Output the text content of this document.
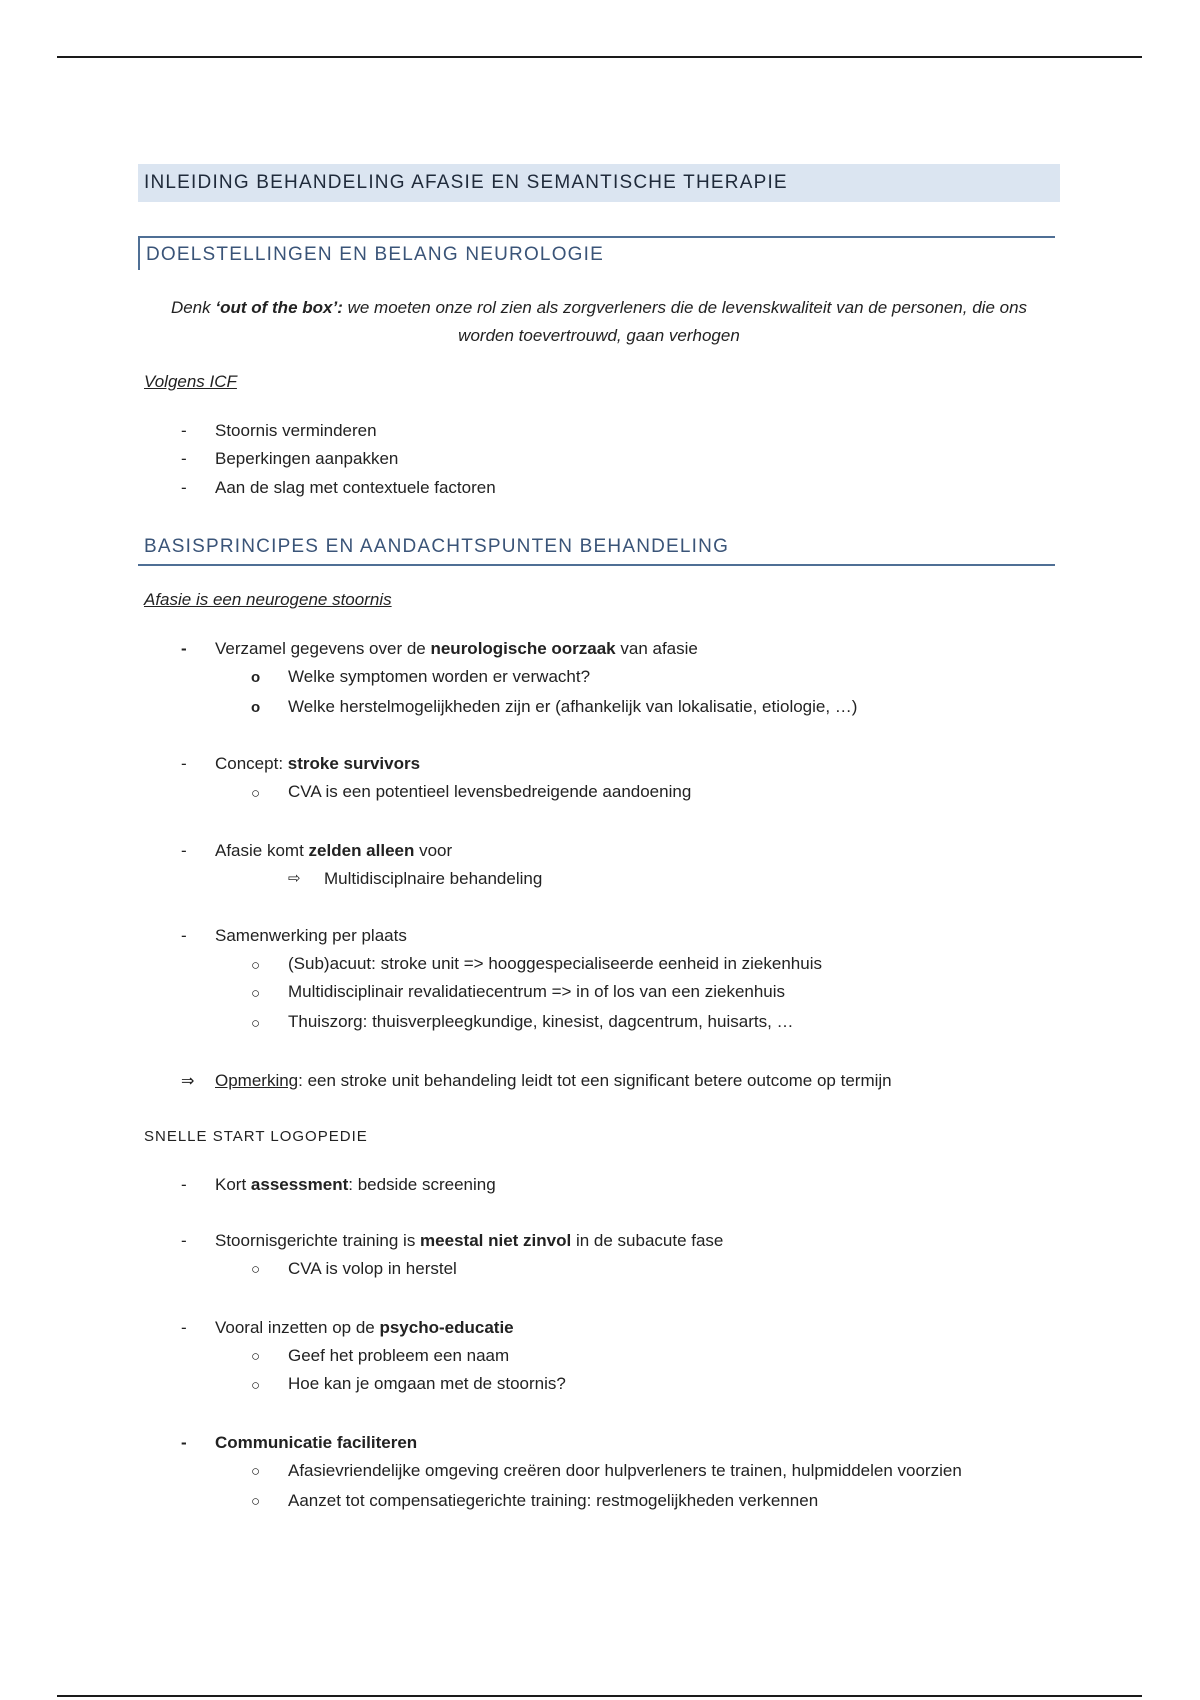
INLEIDING BEHANDELING AFASIE EN SEMANTISCHE THERAPIE
DOELSTELLINGEN EN BELANG NEUROLOGIE
Denk ‘out of the box’: we moeten onze rol zien als zorgverleners die de levenskwaliteit van de personen, die ons
worden toevertrouwd, gaan verhogen
Volgens ICF
- Stoornis verminderen
- Beperkingen aanpakken
- Aan de slag met contextuele factoren
BASISPRINCIPES EN AANDACHTSPUNTEN BEHANDELING
Afasie is een neurogene stoornis
- Verzamel gegevens over de neurologische oorzaak van afasie
o Welke symptomen worden er verwacht?
o Welke herstelmogelijkheden zijn er (afhankelijk van lokalisatie, etiologie, …)
- Concept: stroke survivors
○ CVA is een potentieel levensbedreigende aandoening
- Afasie komt zelden alleen voor
⇨ Multidisciplnaire behandeling
- Samenwerking per plaats
○ (Sub)acuut: stroke unit => hooggespecialiseerde eenheid in ziekenhuis
○ Multidisciplinair revalidatiecentrum => in of los van een ziekenhuis
○ Thuiszorg: thuisverpleegkundige, kinesist, dagcentrum, huisarts, …
⇒ Opmerking: een stroke unit behandeling leidt tot een significant betere outcome op termijn
SNELLE START LOGOPEDIE
- Kort assessment: bedside screening
- Stoornisgerichte training is meestal niet zinvol in de subacute fase
○ CVA is volop in herstel
- Vooral inzetten op de psycho-educatie
○ Geef het probleem een naam
○ Hoe kan je omgaan met de stoornis?
- Communicatie faciliteren
○ Afasievriendelijke omgeving creëren door hulpverleners te trainen, hulpmiddelen voorzien
○ Aanzet tot compensatiegerichte training: restmogelijkheden verkennen
